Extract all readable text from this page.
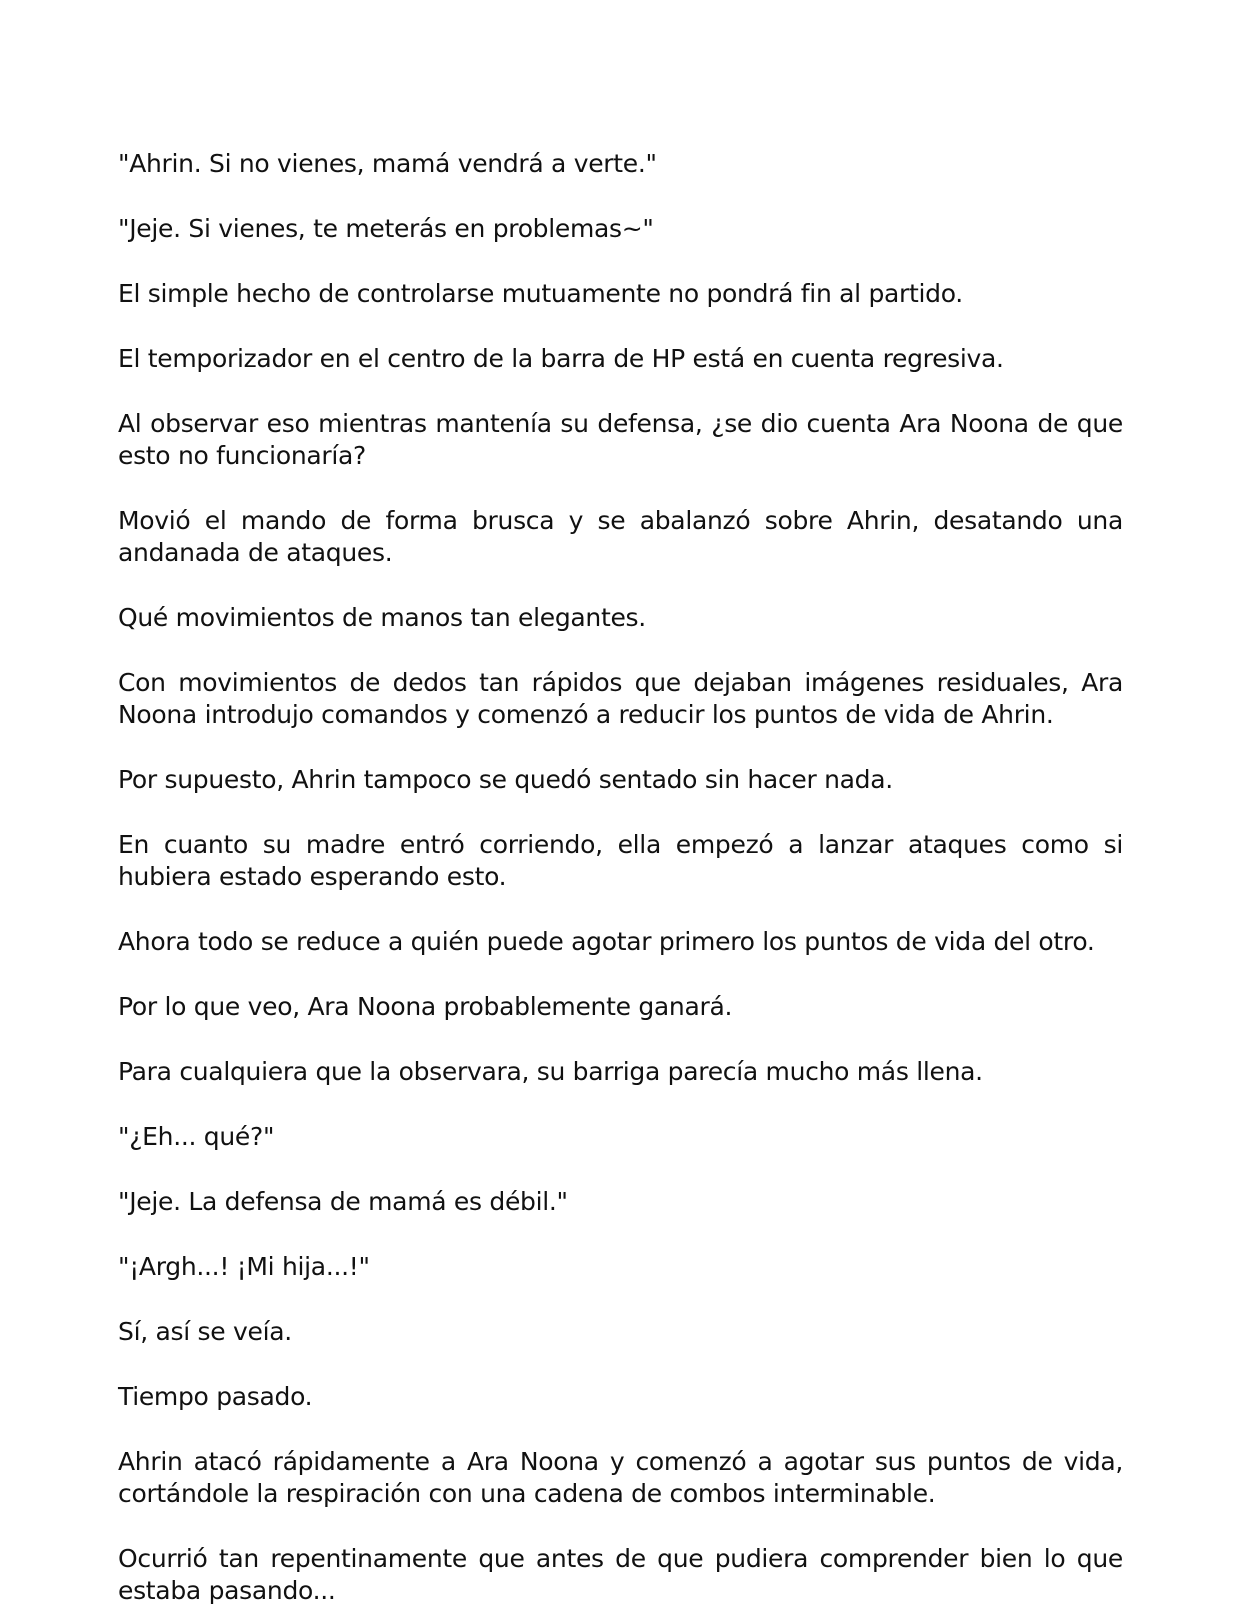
"Ahrin. Si no vienes, mamá vendrá a verte."

"Jeje. Si vienes, te meterás en problemas~"

El simple hecho de controlarse mutuamente no pondrá fin al partido.

El temporizador en el centro de la barra de HP está en cuenta regresiva.

Al observar eso mientras mantenía su defensa, ¿se dio cuenta Ara Noona de que esto no funcionaría?

Movió el mando de forma brusca y se abalanzó sobre Ahrin, desatando una andanada de ataques.

Qué movimientos de manos tan elegantes.

Con movimientos de dedos tan rápidos que dejaban imágenes residuales, Ara Noona introdujo comandos y comenzó a reducir los puntos de vida de Ahrin.

Por supuesto, Ahrin tampoco se quedó sentado sin hacer nada.

En cuanto su madre entró corriendo, ella empezó a lanzar ataques como si hubiera estado esperando esto.

Ahora todo se reduce a quién puede agotar primero los puntos de vida del otro.

Por lo que veo, Ara Noona probablemente ganará.

Para cualquiera que la observara, su barriga parecía mucho más llena.

"¿Eh... qué?"

"Jeje. La defensa de mamá es débil."

"¡Argh...! ¡Mi hija...!"

Sí, así se veía.

Tiempo pasado.

Ahrin atacó rápidamente a Ara Noona y comenzó a agotar sus puntos de vida, cortándole la respiración con una cadena de combos interminable.

Ocurrió tan repentinamente que antes de que pudiera comprender bien lo que estaba pasando...
